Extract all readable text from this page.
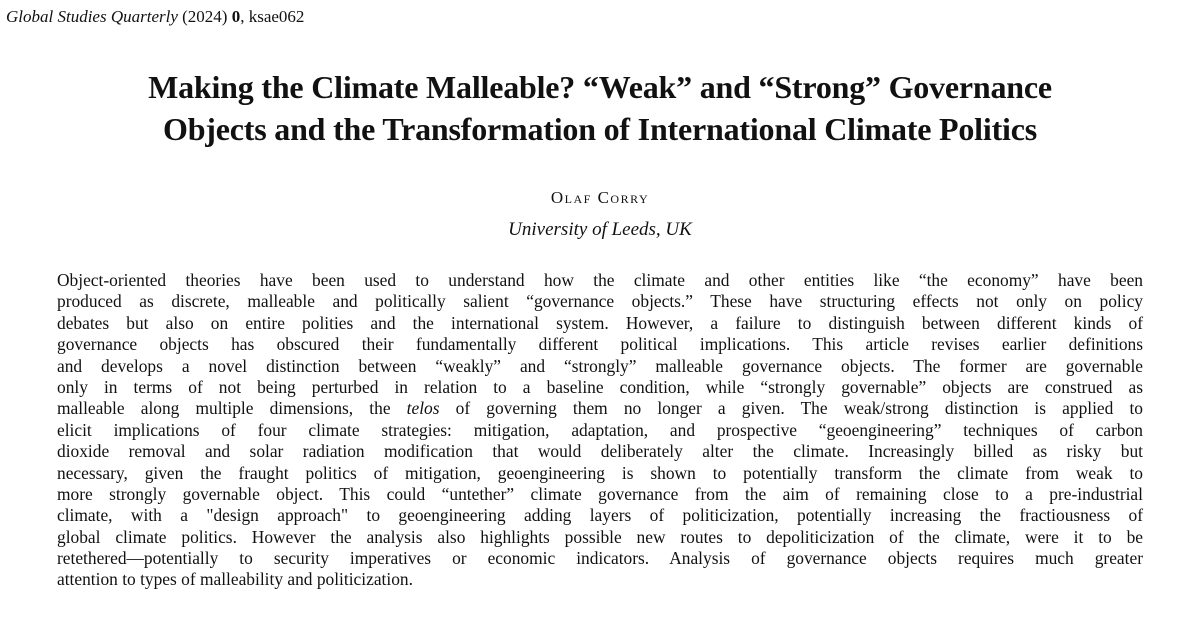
Global Studies Quarterly (2024) 0, ksae062
Making the Climate Malleable? “Weak” and “Strong” Governance
Objects and the Transformation of International Climate Politics
Olaf Corry
University of Leeds, UK

Object-oriented theories have been used to understand how the climate and other entities like “the economy” have been
produced as discrete, malleable and politically salient “governance objects.” These have structuring effects not only on policy
debates but also on entire polities and the international system. However, a failure to distinguish between different kinds of
governance objects has obscured their fundamentally different political implications. This article revises earlier definitions
and develops a novel distinction between “weakly” and “strongly” malleable governance objects. The former are governable
only in terms of not being perturbed in relation to a baseline condition, while “strongly governable” objects are construed as
malleable along multiple dimensions, the telos of governing them no longer a given. The weak/strong distinction is applied to
elicit implications of four climate strategies: mitigation, adaptation, and prospective “geoengineering” techniques of carbon
dioxide removal and solar radiation modification that would deliberately alter the climate. Increasingly billed as risky but
necessary, given the fraught politics of mitigation, geoengineering is shown to potentially transform the climate from weak to
more strongly governable object. This could “untether” climate governance from the aim of remaining close to a pre-industrial
climate, with a "design approach" to geoengineering adding layers of politicization, potentially increasing the fractiousness of
global climate politics. However the analysis also highlights possible new routes to depoliticization of the climate, were it to be
retethered—potentially to security imperatives or economic indicators. Analysis of governance objects requires much greater
attention to types of malleability and politicization.
